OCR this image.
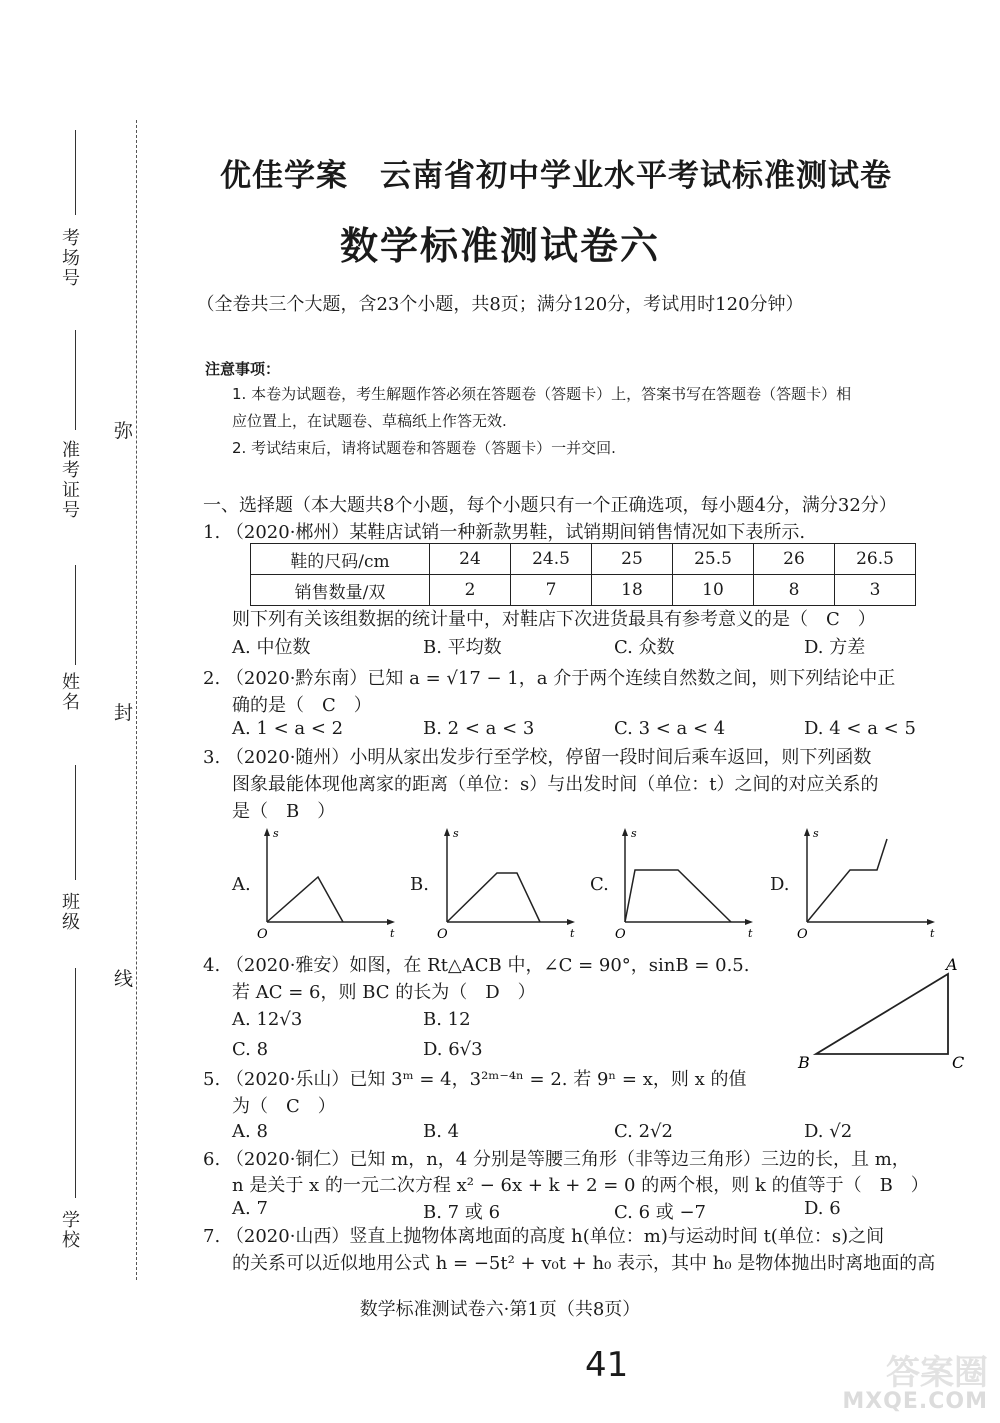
考场号
准考证号
姓名
班级
学校
弥
封
线
优佳学案　云南省初中学业水平考试标准测试卷
数学标准测试卷六
（全卷共三个大题，含23个小题，共8页；满分120分，考试用时120分钟）
注意事项：
1. 本卷为试题卷，考生解题作答必须在答题卷（答题卡）上，答案书写在答题卷（答题卡）相
应位置上，在试题卷、草稿纸上作答无效.
2. 考试结束后，请将试题卷和答题卷（答题卡）一并交回.
一、选择题（本大题共8个小题，每个小题只有一个正确选项，每小题4分，满分32分）
1. （2020·郴州）某鞋店试销一种新款男鞋，试销期间销售情况如下表所示.
鞋的尺码/cm	24	24.5	25	25.5	26	26.5
销售数量/双	2	7	18	10	8	3
则下列有关该组数据的统计量中，对鞋店下次进货最具有参考意义的是（　C　）
A. 中位数	B. 平均数	C. 众数	D. 方差
2. （2020·黔东南）已知 a = √17 − 1，a 介于两个连续自然数之间，则下列结论中正
确的是（　C　）
A. 1 < a < 2	B. 2 < a < 3	C. 3 < a < 4	D. 4 < a < 5
3. （2020·随州）小明从家出发步行至学校，停留一段时间后乘车返回，则下列函数
图象最能体现他离家的距离（单位：s）与出发时间（单位：t）之间的对应关系的
是（　B　）
A.
s
t
O
B.
s
t
O
C.
s
t
O
D.
s
t
O
4. （2020·雅安）如图，在 Rt△ACB 中，∠C = 90°，sinB = 0.5.
若 AC = 6，则 BC 的长为（　D　）
A. 12√3	B. 12
C. 8	D. 6√3
A
B	C
5. （2020·乐山）已知 3ᵐ = 4，3²ᵐ⁻⁴ⁿ = 2. 若 9ⁿ = x，则 x 的值
为（　C　）
A. 8	B. 4	C. 2√2	D. √2
6. （2020·铜仁）已知 m，n，4 分别是等腰三角形（非等边三角形）三边的长，且 m，
n 是关于 x 的一元二次方程 x² − 6x + k + 2 = 0 的两个根，则 k 的值等于（　B　）
A. 7	B. 7 或 6	C. 6 或 −7	D. 6
7. （2020·山西）竖直上抛物体离地面的高度 h(单位：m)与运动时间 t(单位：s)之间
的关系可以近似地用公式 h = −5t² + v₀t + h₀ 表示，其中 h₀ 是物体抛出时离地面的高
数学标准测试卷六·第1页（共8页）
41	答案圈
MXQE.COM
